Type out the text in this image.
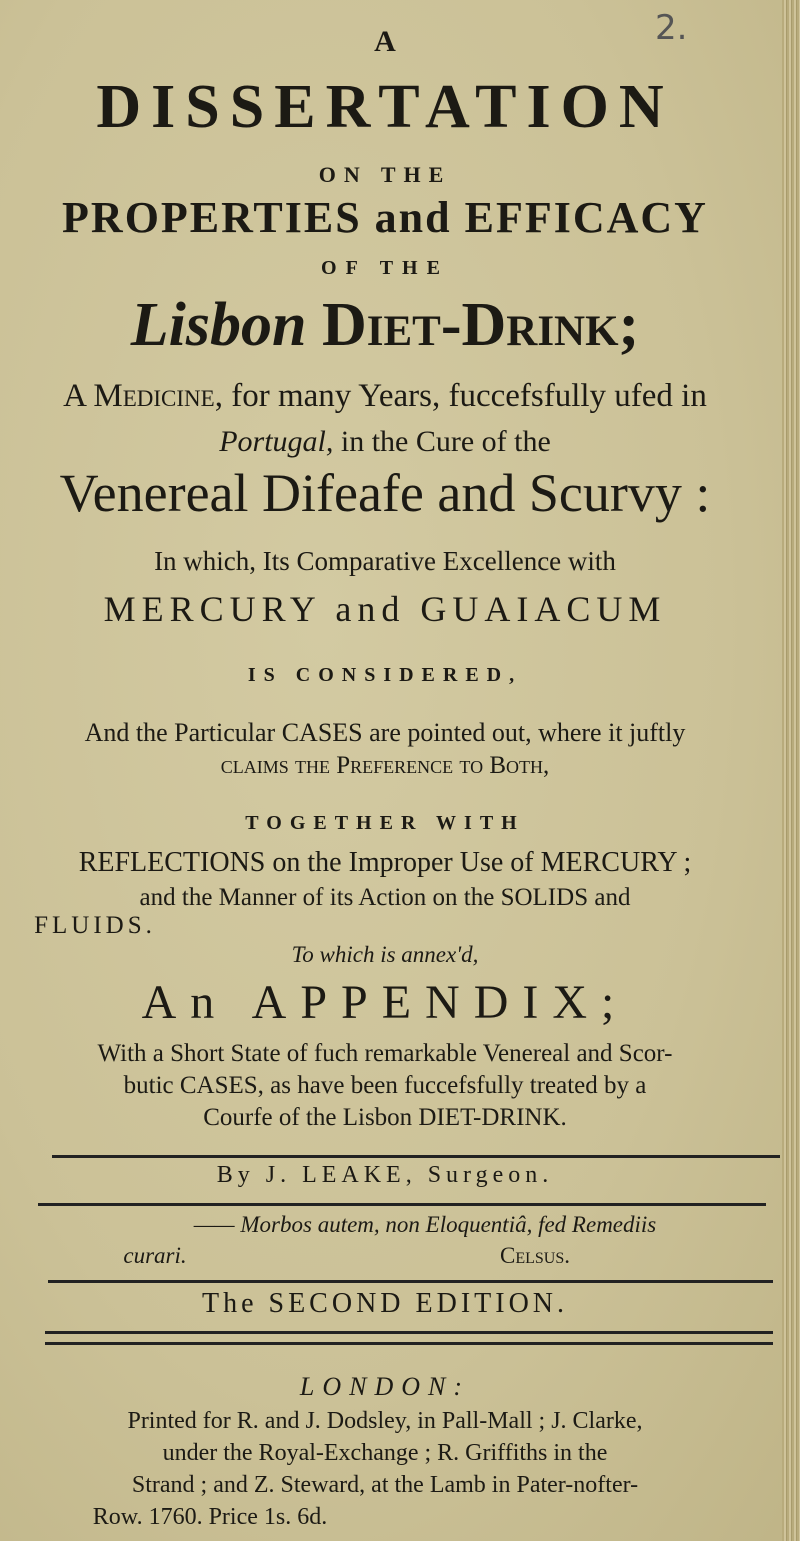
2.
A
DISSERTATION
ON THE
PROPERTIES and EFFICACY
OF THE
Lisbon Diet-Drink;
A Medicine, for many Years, fuccefsfully ufed in
Portugal, in the Cure of the
Venereal Difeafe and Scurvy :
In which, Its Comparative Excellence with
MERCURY and GUAIACUM
IS CONSIDERED,
And the Particular CASES are pointed out, where it juftly
claims the Preference to Both,
TOGETHER WITH
REFLECTIONS on the Improper Use of MERCURY ;
and the Manner of its Action on the SOLIDS and
FLUIDS.
To which is annex'd,
An APPENDIX;
With a Short State of fuch remarkable Venereal and Scor-
butic CASES, as have been fuccefsfully treated by a
Courfe of the Lisbon DIET-DRINK.
By J. LEAKE, Surgeon.
—— Morbos autem, non Eloquentiâ, fed Remediis
curari.	Celsus.
The SECOND EDITION.
LONDON:
Printed for R. and J. Dodsley, in Pall-Mall ; J. Clarke,
under the Royal-Exchange ; R. Griffiths in the
Strand ; and Z. Steward, at the Lamb in Pater-nofter-
Row. 1760. Price 1s. 6d.
